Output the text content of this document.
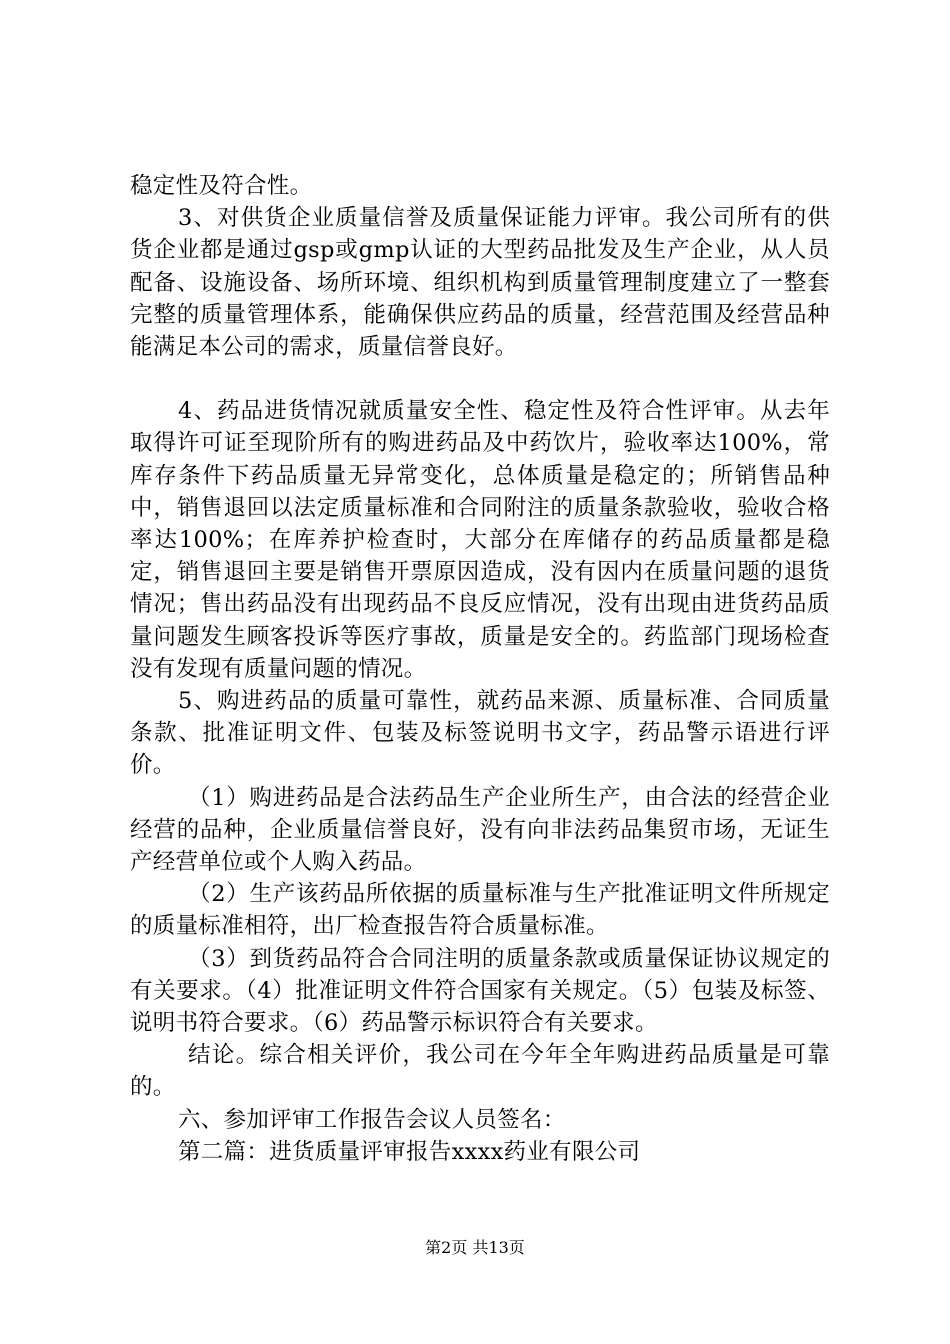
稳定性及符合性。

3、对供货企业质量信誉及质量保证能力评审。我公司所有的供货企业都是通过gsp或gmp认证的大型药品批发及生产企业，从人员配备、设施设备、场所环境、组织机构到质量管理制度建立了一整套完整的质量管理体系，能确保供应药品的质量，经营范围及经营品种能满足本公司的需求，质量信誉良好。

4、药品进货情况就质量安全性、稳定性及符合性评审。从去年取得许可证至现阶所有的购进药品及中药饮片，验收率达100%，常库存条件下药品质量无异常变化，总体质量是稳定的；所销售品种中，销售退回以法定质量标准和合同附注的质量条款验收，验收合格率达100%；在库养护检查时，大部分在库储存的药品质量都是稳定，销售退回主要是销售开票原因造成，没有因内在质量问题的退货情况；售出药品没有出现药品不良反应情况，没有出现由进货药品质量问题发生顾客投诉等医疗事故，质量是安全的。药监部门现场检查没有发现有质量问题的情况。

5、购进药品的质量可靠性，就药品来源、质量标准、合同质量条款、批准证明文件、包装及标签说明书文字，药品警示语进行评价。

（1）购进药品是合法药品生产企业所生产，由合法的经营企业经营的品种，企业质量信誉良好，没有向非法药品集贸市场，无证生产经营单位或个人购入药品。

（2）生产该药品所依据的质量标准与生产批准证明文件所规定的质量标准相符，出厂检查报告符合质量标准。

（3）到货药品符合合同注明的质量条款或质量保证协议规定的有关要求。（4）批准证明文件符合国家有关规定。（5）包装及标签、说明书符合要求。（6）药品警示标识符合有关要求。

结论。综合相关评价，我公司在今年全年购进药品质量是可靠的。

六、参加评审工作报告会议人员签名：

第二篇：进货质量评审报告xxxx药业有限公司

第2页 共13页
